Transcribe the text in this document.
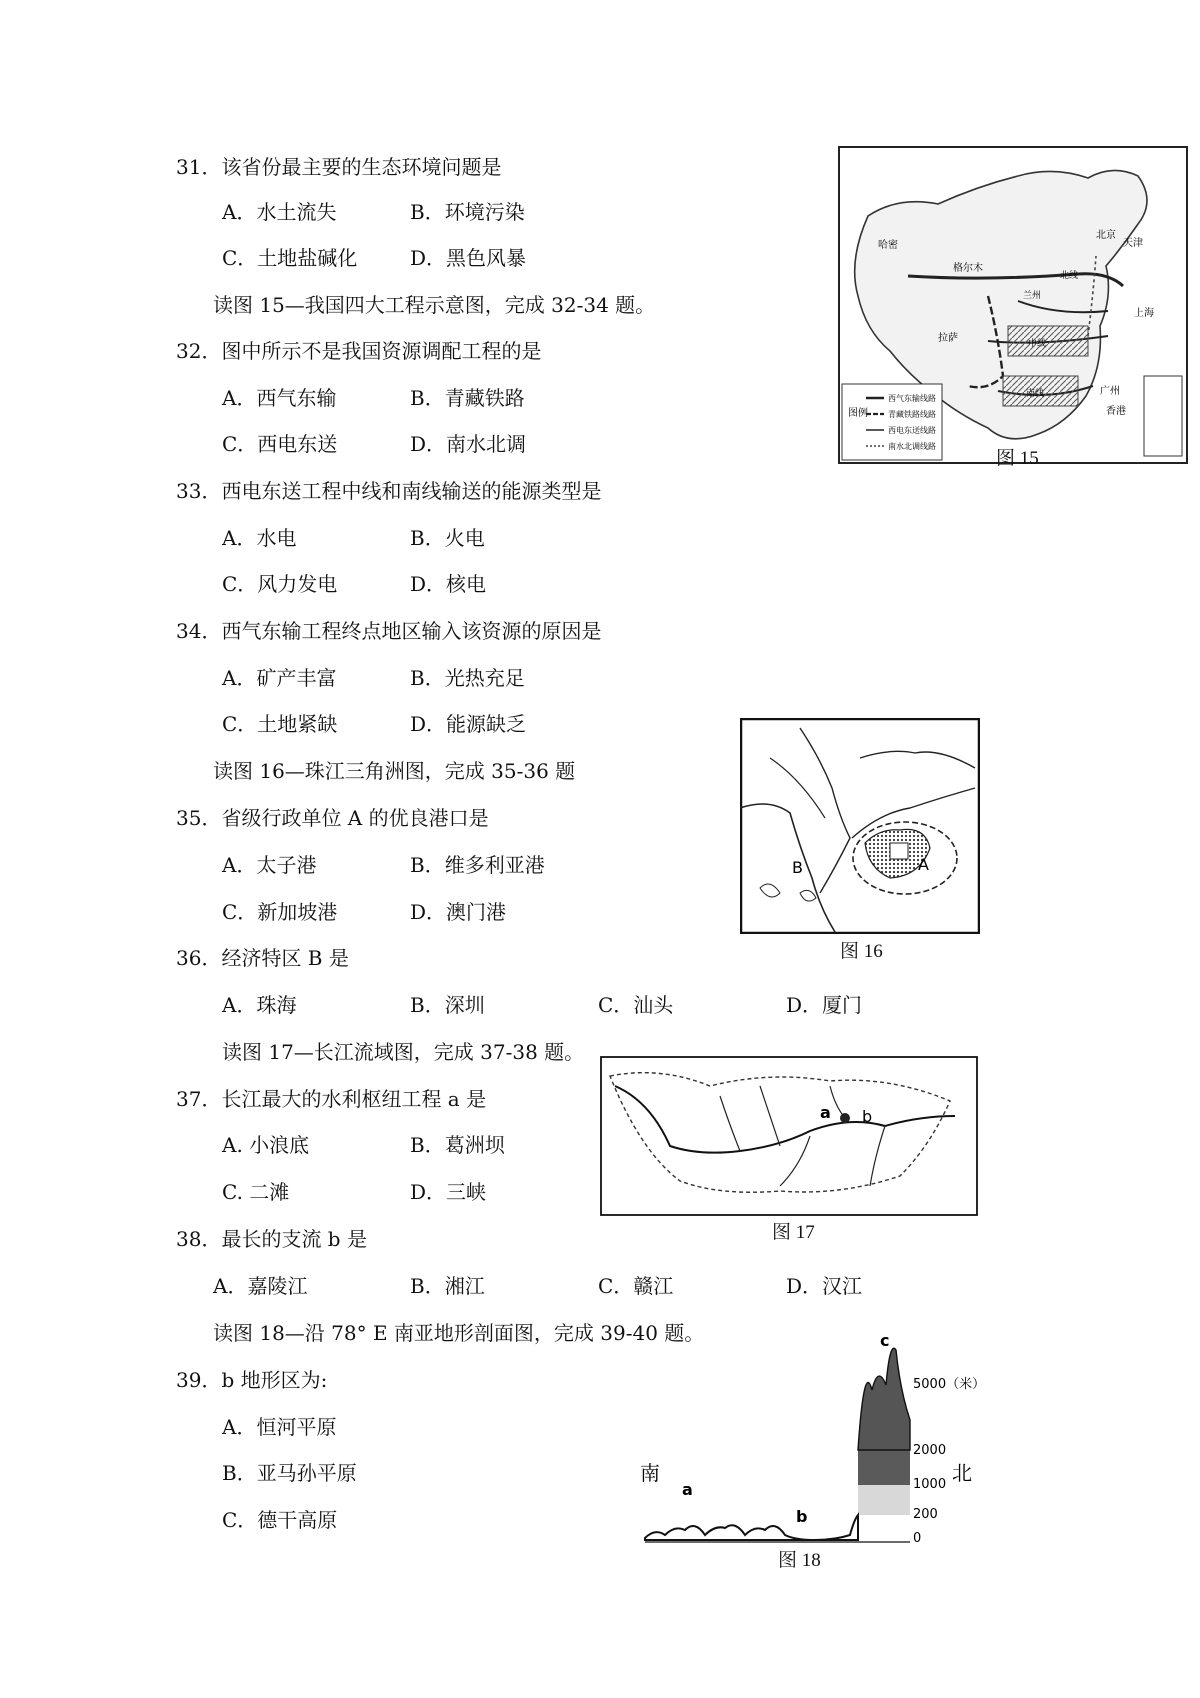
31．该省份最主要的生态环境问题是
A．水土流失	B．环境污染
C．土地盐碱化	D．黑色风暴
读图 15—我国四大工程示意图，完成 32-34 题。
32．图中所示不是我国资源调配工程的是
A．西气东输	B．青藏铁路
C．西电东送	D．南水北调
33．西电东送工程中线和南线输送的能源类型是
A．水电	B．火电
C．风力发电	D．核电
34．西气东输工程终点地区输入该资源的原因是
A．矿产丰富	B．光热充足
C．土地紧缺	D．能源缺乏
读图 16—珠江三角洲图，完成 35-36 题
35．省级行政单位 A 的优良港口是
A．太子港	B．维多利亚港
C．新加坡港	D．澳门港
36．经济特区 B 是
A．珠海	B．深圳	C．汕头	D．厦门
读图 17—长江流域图，完成 37-38 题。
37．长江最大的水利枢纽工程 a 是
A. 小浪底	B．葛洲坝
C. 二滩	D．三峡
38．最长的支流 b 是
A．嘉陵江	B．湘江	C．赣江	D．汉江
读图 18—沿 78° E 南亚地形剖面图，完成 39-40 题。
39．b 地形区为:
A．恒河平原
B．亚马孙平原
C．德干高原
哈密
格尔木
北京
天津
北线
中线
南线
拉萨
上海
广州
香港
兰州
图例
西气东输线路
青藏铁路线路
西电东送线路
南水北调线路
图 15
A
B
图 16
a b
图 17
南	北
a
b
c
5000（米）
2000
1000
200
0
图 18
